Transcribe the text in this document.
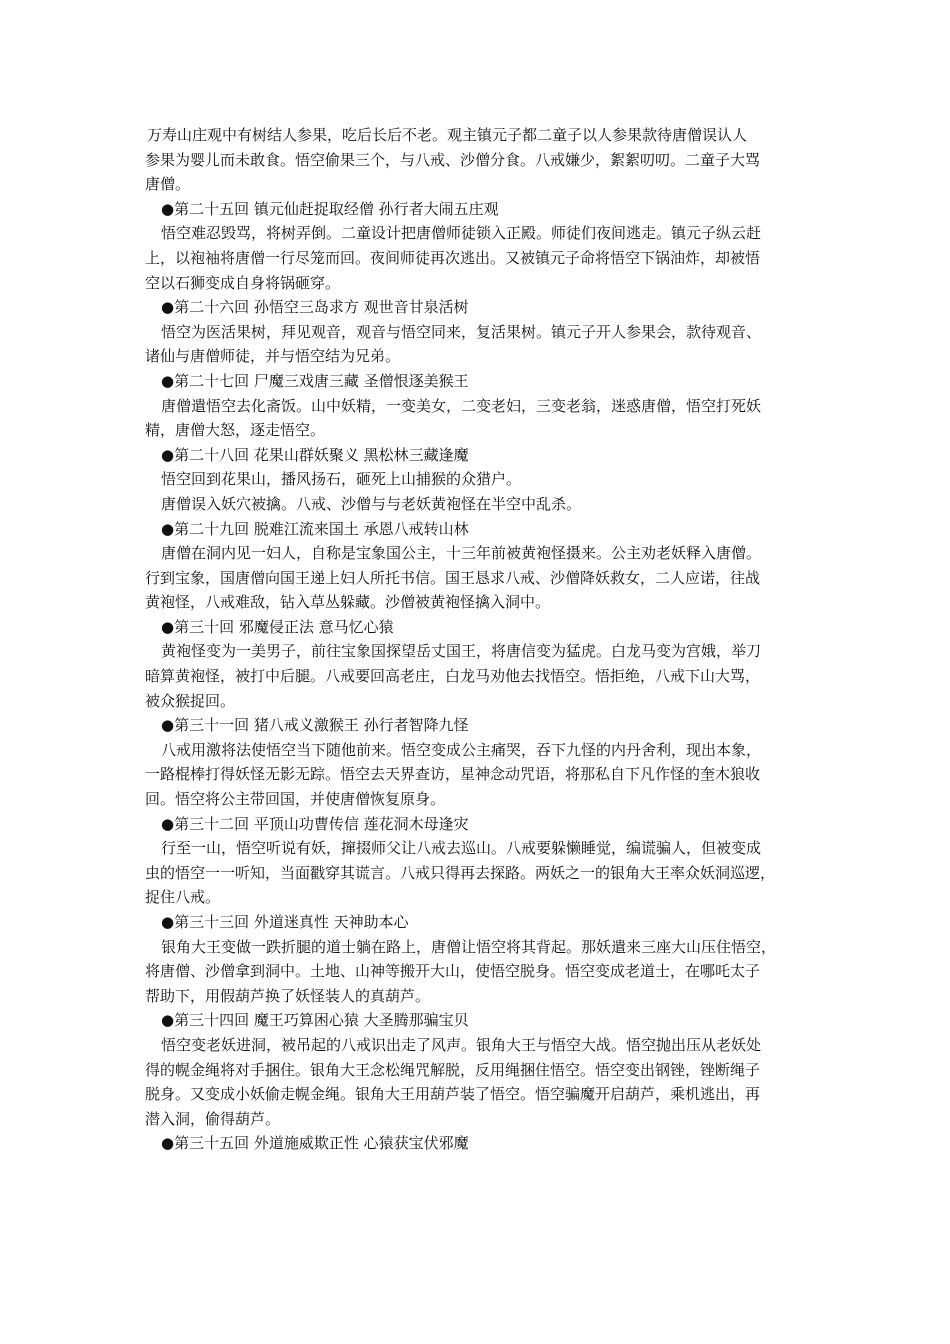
万寿山庄观中有树结人参果，吃后长后不老。观主镇元子都二童子以人参果款待唐僧误认人

参果为婴儿而未敢食。悟空偷果三个，与八戒、沙僧分食。八戒嫌少，絮絮叨叨。二童子大骂

唐僧。

●第二十五回 镇元仙赶捉取经僧 孙行者大闹五庄观

悟空难忍毁骂，将树弄倒。二童设计把唐僧师徒锁入正殿。师徒们夜间逃走。镇元子纵云赶

上，以袍袖将唐僧一行尽笼而回。夜间师徒再次逃出。又被镇元子命将悟空下锅油炸，却被悟

空以石狮变成自身将锅砸穿。

●第二十六回 孙悟空三岛求方 观世音甘泉活树

悟空为医活果树，拜见观音，观音与悟空同来，复活果树。镇元子开人参果会，款待观音、

诸仙与唐僧师徒，并与悟空结为兄弟。

●第二十七回 尸魔三戏唐三藏 圣僧恨逐美猴王

唐僧遣悟空去化斋饭。山中妖精，一变美女，二变老妇，三变老翁，迷惑唐僧，悟空打死妖

精，唐僧大怒，逐走悟空。

●第二十八回 花果山群妖聚义 黑松林三藏逢魔

悟空回到花果山，播风扬石，砸死上山捕猴的众猎户。

唐僧误入妖穴被擒。八戒、沙僧与与老妖黄袍怪在半空中乱杀。

●第二十九回 脱难江流来国土 承恩八戒转山林

唐僧在洞内见一妇人，自称是宝象国公主，十三年前被黄袍怪摄来。公主劝老妖释入唐僧。

行到宝象，国唐僧向国王递上妇人所托书信。国王恳求八戒、沙僧降妖救女，二人应诺，往战

黄袍怪，八戒难敌，钻入草丛躲藏。沙僧被黄袍怪擒入洞中。

●第三十回 邪魔侵正法 意马忆心猿

黄袍怪变为一美男子，前往宝象国探望岳丈国王，将唐信变为猛虎。白龙马变为宫娥，举刀

暗算黄袍怪，被打中后腿。八戒要回高老庄，白龙马劝他去找悟空。悟拒绝，八戒下山大骂，

被众猴捉回。

●第三十一回 猪八戒义激猴王 孙行者智降九怪

八戒用激将法使悟空当下随他前来。悟空变成公主痛哭，吞下九怪的内丹舍利，现出本象，

一路棍棒打得妖怪无影无踪。悟空去天界查访，星神念动咒语，将那私自下凡作怪的奎木狼收

回。悟空将公主带回国，并使唐僧恢复原身。

●第三十二回 平顶山功曹传信 莲花洞木母逢灾

行至一山，悟空听说有妖，撺掇师父让八戒去巡山。八戒要躲懒睡觉，编谎骗人，但被变成

虫的悟空一一听知，当面戳穿其谎言。八戒只得再去探路。两妖之一的银角大王率众妖洞巡逻，

捉住八戒。

●第三十三回 外道迷真性 天神助本心

银角大王变做一跌折腿的道士躺在路上，唐僧让悟空将其背起。那妖遣来三座大山压住悟空，

将唐僧、沙僧拿到洞中。土地、山神等搬开大山，使悟空脱身。悟空变成老道士，在哪吒太子

帮助下，用假葫芦换了妖怪装人的真葫芦。

●第三十四回 魔王巧算困心猿 大圣腾那骗宝贝

悟空变老妖进洞，被吊起的八戒识出走了风声。银角大王与悟空大战。悟空抛出压从老妖处

得的幌金绳将对手捆住。银角大王念松绳咒解脱，反用绳捆住悟空。悟空变出钢锉，锉断绳子

脱身。又变成小妖偷走幌金绳。银角大王用葫芦装了悟空。悟空骗魔开启葫芦，乘机逃出，再

潜入洞，偷得葫芦。

●第三十五回 外道施威欺正性 心猿获宝伏邪魔
